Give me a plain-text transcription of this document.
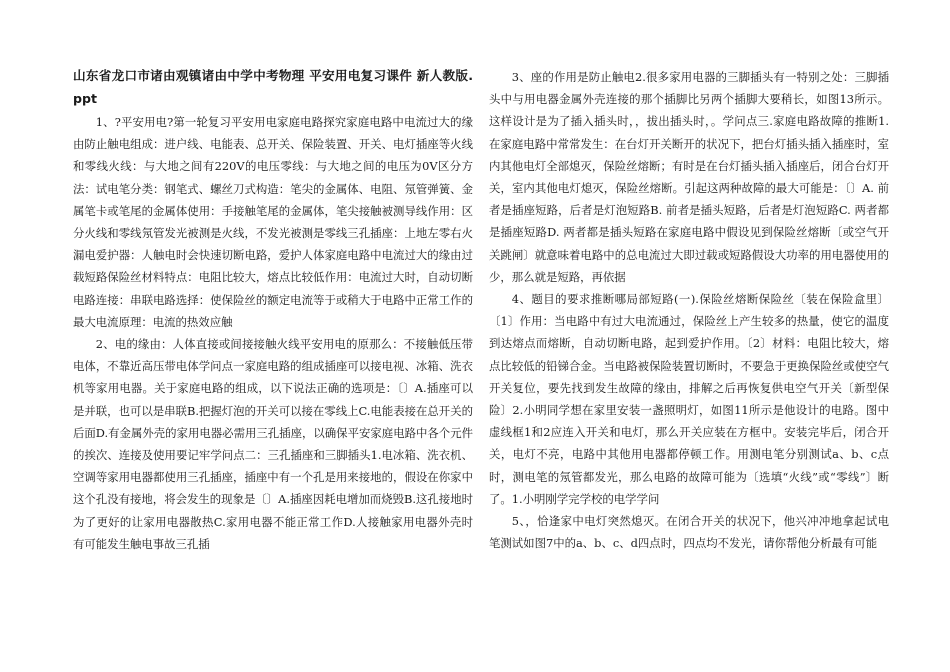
山东省龙口市诸由观镇诸由中学中考物理 平安用电复习课件 新人教版.ppt

1、?平安用电?第一轮复习平安用电家庭电路探究家庭电路中电流过大的缘由防止触电组成：进户线、电能表、总开关、保险装置、开关、电灯插座等火线和零线火线：与大地之间有220V的电压零线：与大地之间的电压为0V区分方法：试电笔分类：钢笔式、螺丝刀式构造：笔尖的金属体、电阻、氖管弹簧、金属笔卡或笔尾的金属体使用：手接触笔尾的金属体，笔尖接触被测导线作用：区分火线和零线氖管发光被测是火线，不发光被测是零线三孔插座：上地左零右火漏电爱护器：人触电时会快速切断电路，爱护人体家庭电路中电流过大的缘由过载短路保险丝材料特点：电阻比较大，熔点比较低作用：电流过大时，自动切断电路连接：串联电路选择：使保险丝的额定电流等于或稍大于电路中正常工作的最大电流原理：电流的热效应触

2、电的缘由：人体直接或间接接触火线平安用电的原那么：不接触低压带电体，不靠近高压带电体学问点一家庭电路的组成插座可以接电视、冰箱、洗衣机等家用电器。关于家庭电路的组成，以下说法正确的选项是：〔〕A.插座可以是并联，也可以是串联B.把握灯泡的开关可以接在零线上C.电能表接在总开关的后面D.有金属外壳的家用电器必需用三孔插座，以确保平安家庭电路中各个元件的挨次、连接及使用要记牢学问点二：三孔插座和三脚插头1.电冰箱、洗衣机、空调等家用电器都使用三孔插座，插座中有一个孔是用来接地的，假设在你家中这个孔没有接地，将会发生的现象是〔〕A.插座因耗电增加而烧毁B.这孔接地时为了更好的让家用电器散热C.家用电器不能正常工作D.人接触家用电器外壳时有可能发生触电事故三孔插

3、座的作用是防止触电2.很多家用电器的三脚插头有一特别之处：三脚插头中与用电器金属外壳连接的那个插脚比另两个插脚大要稍长，如图13所示。这样设计是为了插入插头时，，拔出插头时，。学问点三.家庭电路故障的推断1.在家庭电路中常常发生：在台灯开关断开的状况下，把台灯插头插入插座时，室内其他电灯全部熄灭，保险丝熔断；有时是在台灯插头插入插座后，闭合台灯开关，室内其他电灯熄灭，保险丝熔断。引起这两种故障的最大可能是：〔〕A. 前者是插座短路，后者是灯泡短路B. 前者是插头短路，后者是灯泡短路C. 两者都是插座短路D. 两者都是插头短路在家庭电路中假设见到保险丝熔断〔或空气开关跳闸〕就意味着电路中的总电流过大即过载或短路假设大功率的用电器使用的少，那么就是短路，再依据

4、题目的要求推断哪局部短路(一).保险丝熔断保险丝〔装在保险盒里〕〔1〕作用：当电路中有过大电流通过，保险丝上产生较多的热量，使它的温度到达熔点而熔断，自动切断电路，起到爱护作用。〔2〕材料：电阻比较大，熔点比较低的铅锑合金。当电路被保险装置切断时，不要急于更换保险丝或使空气开关复位，要先找到发生故障的缘由，排解之后再恢复供电空气开关〔新型保险〕2.小明同学想在家里安装一盏照明灯，如图11所示是他设计的电路。图中虚线框1和2应连入开关和电灯，那么开关应装在方框中。安装完毕后，闭合开关，电灯不亮，电路中其他用电器都停顿工作。用测电笔分别测试a、b、c点时，测电笔的氖管都发光，那么电路的故障可能为〔选填“火线”或“零线”〕断了。1.小明刚学完学校的电学学问

5、，恰逢家中电灯突然熄灭。在闭合开关的状况下，他兴冲冲地拿起试电笔测试如图7中的a、b、c、d四点时，四点均不发光，请你帮他分析最有可能
